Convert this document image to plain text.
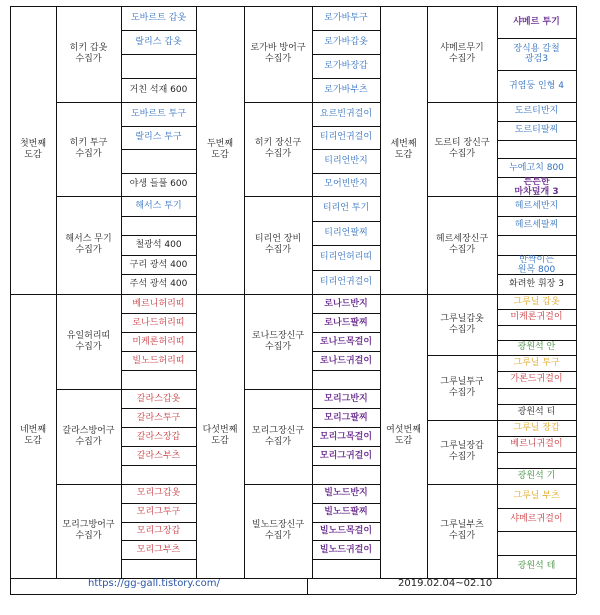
첫번째
도감
히키 갑옷
수집가
도바르트 갑옷
랄리스 갑옷
거친 석재 600
히키 투구
수집가
도바르트 투구
랄리스 투구
야생 들풀 600
해서스 무기
수집가
해서스 투기
철광석 400
구리 광석 400
주석 광석 400
두번째
도감
로가바 방어구
수집가
로가바투구
로가바갑옷
로가바장갑
로가바부츠
히키 장신구
수집가
요르빈귀걸이
티리언귀걸이
티리언반지
모어빈반지
티리언 장비
수집가
티리언 투기
티리언팔찌
티리언허리띠
티리언귀걸이
세번째
도감
샤메르무기
수집가
샤메르 투기
장식용 갈철
광검3
귀염둥 인형 4
도르티 장신구
수집가
도르티반지
도르티팔찌
누에고치 800
튼튼한
마차덮개 3
헤르세장신구
수집가
헤르세반지
헤르세팔찌
반짝이는
원목 800
화려한 휘장 3
네번째
도감
유일허리띠
수집가
베르니허리띠
로나드허리띠
미케론허리띠
빌노드허리띠
갈라스방어구
수집가
갈라스갑옷
갈라스투구
갈라스장갑
갈라스부츠
모리그방어구
수집가
모리그갑옷
모리그투구
모리그장갑
모리그부츠
다섯번째
도감
로나드장신구
수집가
로나드반지
로나드팔찌
로나드목걸이
로나드귀걸이
모리그장신구
수집가
모리그반지
모리그팔찌
모리그목걸이
모리그귀걸이
빌노드장신구
수집가
빌노드반지
빌노드팔찌
빌노드목걸이
빌노드귀걸이
여섯번째
도감
그루닐갑옷
수집가
그루닐 갑옷
미케론귀걸이
광원석 안
그루닐투구
수집가
그루닐 투구
가론드귀걸이
광원석 티
그루닐장갑
수집가
그루닐 장갑
베르니귀걸이
광원석 기
그루닐부츠
수집가
그루닐 부츠
샤메르귀걸이
광원석 테
https://gg-gall.tistory.com/	2019.02.04~02.10
